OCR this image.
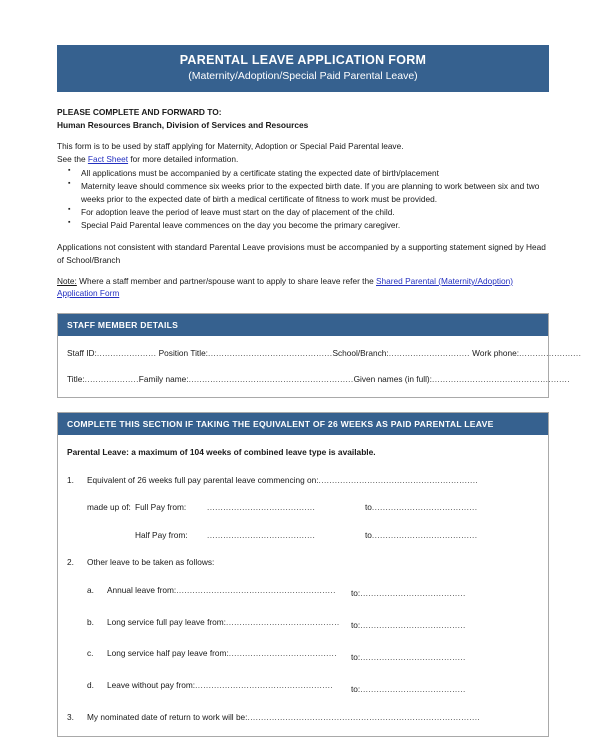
PARENTAL LEAVE APPLICATION FORM
(Maternity/Adoption/Special Paid Parental Leave)

PLEASE COMPLETE AND FORWARD TO:

Human Resources Branch, Division of Services and Resources

This form is to be used by staff applying for Maternity, Adoption or Special Paid Parental leave.

See the Fact Sheet for more detailed information.

▪ All applications must be accompanied by a certificate stating the expected date of birth/placement
▪ Maternity leave should commence six weeks prior to the expected birth date. If you are planning to work between six and two weeks prior to the expected date of birth a medical certificate of fitness to work must be provided.
▪ For adoption leave the period of leave must start on the day of placement of the child.
▪ Special Paid Parental leave commences on the day you become the primary caregiver.

Applications not consistent with standard Parental Leave provisions must be accompanied by a supporting statement signed by Head of School/Branch

Note: Where a staff member and partner/spouse want to apply to share leave refer the Shared Parental (Maternity/Adoption) Application Form

STAFF MEMBER DETAILS
Staff ID:...................... Position Title:..............................................School/Branch:.............................. Work phone:.......................
Title:....................Family name:.............................................................Given names (in full):...................................................
COMPLETE THIS SECTION IF TAKING THE EQUIVALENT OF 26 WEEKS AS PAID PARENTAL LEAVE
Parental Leave: a maximum of 104 weeks of combined leave type is available.
1.	Equivalent of 26 weeks full pay parental leave commencing on:...........................................................
made up of: Full Pay from:	........................................	to.......................................
Half Pay from:........................................	to.......................................
2.	Other leave to be taken as follows:
a.	Annual leave from:........................................................... to:.......................................
b.	Long service full pay leave from:.......................................... to:.......................................
c.	Long service half pay leave from:........................................ to:.......................................
d.	Leave without pay from:................................................... to:.......................................
3.	My nominated date of return to work will be:......................................................................................
